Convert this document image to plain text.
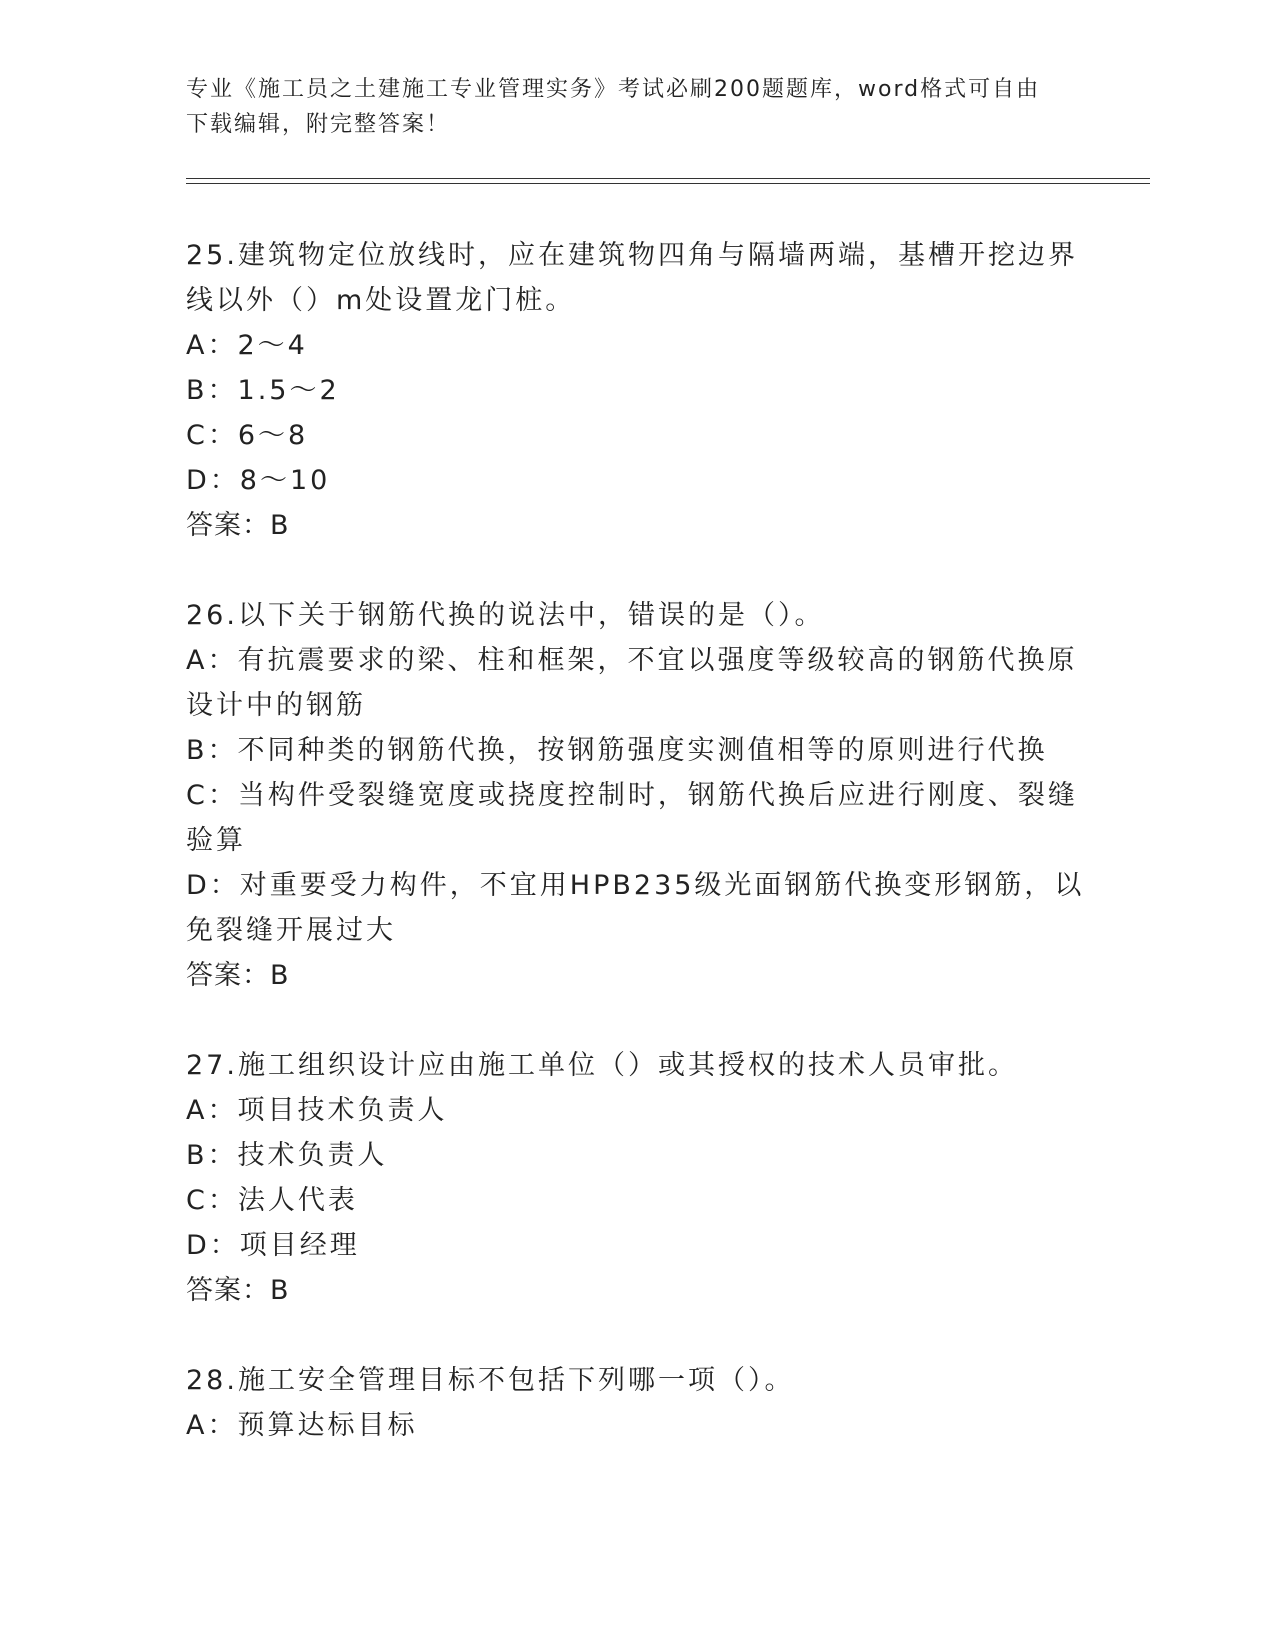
专业《施工员之土建施工专业管理实务》考试必刷200题题库，word格式可自由
下载编辑，附完整答案！

25.建筑物定位放线时，应在建筑物四角与隔墙两端，基槽开挖边界线以外（）m处设置龙门桩。

A：2～4

B：1.5～2

C：6～8

D：8～10

答案：B

26.以下关于钢筋代换的说法中，错误的是（）。

A：有抗震要求的梁、柱和框架，不宜以强度等级较高的钢筋代换原设计中的钢筋

B：不同种类的钢筋代换，按钢筋强度实测值相等的原则进行代换

C：当构件受裂缝宽度或挠度控制时，钢筋代换后应进行刚度、裂缝验算

D：对重要受力构件，不宜用HPB235级光面钢筋代换变形钢筋，以免裂缝开展过大

答案：B

27.施工组织设计应由施工单位（）或其授权的技术人员审批。

A：项目技术负责人

B：技术负责人

C：法人代表

D：项目经理

答案：B

28.施工安全管理目标不包括下列哪一项（）。

A：预算达标目标
